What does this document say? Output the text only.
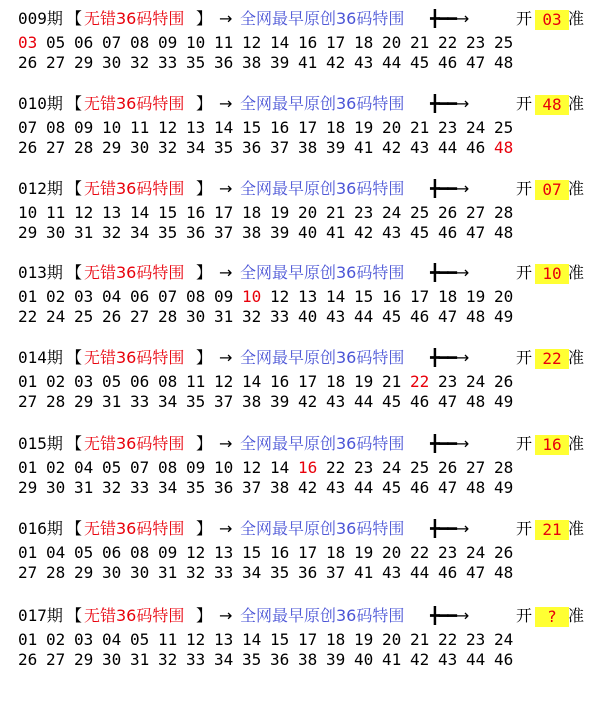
009期 【 无错36码特围 】 → 全网最早原创36码特围 ╋━━→	开 03 准
03 05 06 07 08 09 10 11 12 14 16 17 18 20 21 22 23 25
26 27 29 30 32 33 35 36 38 39 41 42 43 44 45 46 47 48
010期 【 无错36码特围 】 → 全网最早原创36码特围 ╋━━→	开 48 准
07 08 09 10 11 12 13 14 15 16 17 18 19 20 21 23 24 25
26 27 28 29 30 32 34 35 36 37 38 39 41 42 43 44 46 48
012期 【 无错36码特围 】 → 全网最早原创36码特围 ╋━━→	开 07 准
10 11 12 13 14 15 16 17 18 19 20 21 23 24 25 26 27 28
29 30 31 32 34 35 36 37 38 39 40 41 42 43 45 46 47 48
013期 【 无错36码特围 】 → 全网最早原创36码特围 ╋━━→	开 10 准
01 02 03 04 06 07 08 09 10 12 13 14 15 16 17 18 19 20
22 24 25 26 27 28 30 31 32 33 40 43 44 45 46 47 48 49
014期 【 无错36码特围 】 → 全网最早原创36码特围 ╋━━→	开 22 准
01 02 03 05 06 08 11 12 14 16 17 18 19 21 22 23 24 26
27 28 29 31 33 34 35 37 38 39 42 43 44 45 46 47 48 49
015期 【 无错36码特围 】 → 全网最早原创36码特围 ╋━━→	开 16 准
01 02 04 05 07 08 09 10 12 14 16 22 23 24 25 26 27 28
29 30 31 32 33 34 35 36 37 38 42 43 44 45 46 47 48 49
016期 【 无错36码特围 】 → 全网最早原创36码特围 ╋━━→	开 21 准
01 04 05 06 08 09 12 13 15 16 17 18 19 20 22 23 24 26
27 28 29 30 30 31 32 33 34 35 36 37 41 43 44 46 47 48
017期 【 无错36码特围 】 → 全网最早原创36码特围 ╋━━→	开 ? 准
01 02 03 04 05 11 12 13 14 15 17 18 19 20 21 22 23 24
26 27 29 30 31 32 33 34 35 36 38 39 40 41 42 43 44 46
